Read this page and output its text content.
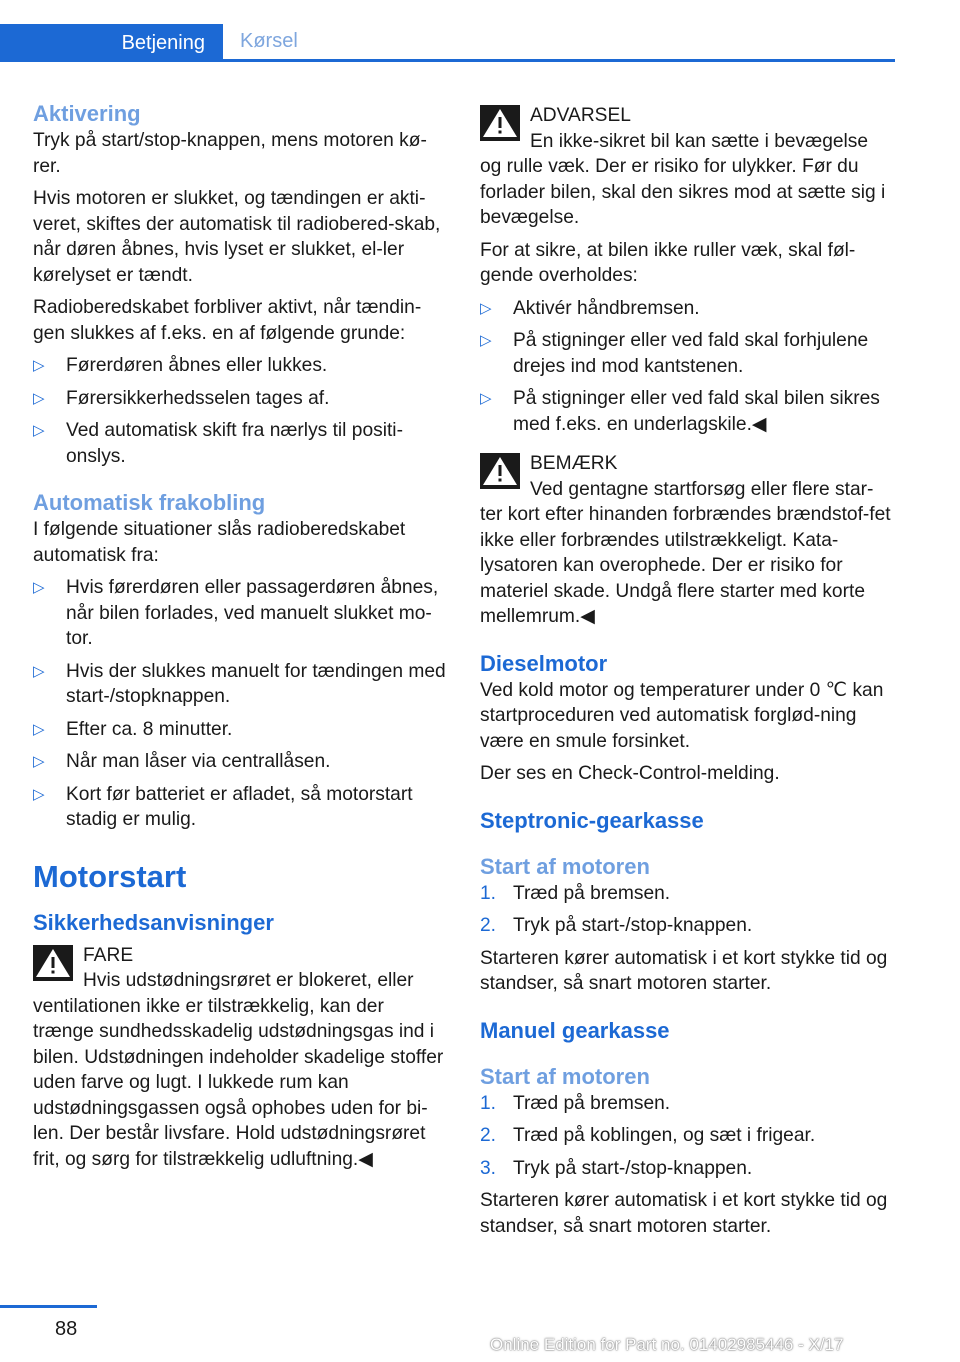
Betjening	Kørsel
Aktivering

Tryk på start/stop-knappen, mens motoren kø-rer.

Hvis motoren er slukket, og tændingen er akti-veret, skiftes der automatisk til radiobered-skab, når døren åbnes, hvis lyset er slukket, el-ler kørelyset er tændt.

Radioberedskabet forbliver aktivt, når tændin-gen slukkes af f.eks. en af følgende grunde:

▷ Førerdøren åbnes eller lukkes.
▷ Førersikkerhedsselen tages af.
▷ Ved automatisk skift fra nærlys til positi-onslys.
Automatisk frakobling

I følgende situationer slås radioberedskabet automatisk fra:

▷ Hvis førerdøren eller passagerdøren åbnes, når bilen forlades, ved manuelt slukket mo-tor.
▷ Hvis der slukkes manuelt for tændingen med start-/stopknappen.
▷ Efter ca. 8 minutter.
▷ Når man låser via centrallåsen.
▷ Kort før batteriet er afladet, så motorstart stadig er mulig.
Motorstart
Sikkerhedsanvisninger
FARE
Hvis udstødningsrøret er blokeret, eller
ventilationen ikke er tilstrækkelig, kan der trænge sundhedsskadelig udstødningsgas ind i bilen. Udstødningen indeholder skadelige stoffer uden farve og lugt. I lukkede rum kan udstødningsgassen også ophobes uden for bi-len. Der består livsfare. Hold udstødningsrøret frit, og sørg for tilstrækkelig udluftning.◀
ADVARSEL
En ikke-sikret bil kan sætte i bevægelse
og rulle væk. Der er risiko for ulykker. Før du forlader bilen, skal den sikres mod at sætte sig i bevægelse.

For at sikre, at bilen ikke ruller væk, skal føl-gende overholdes:

▷ Aktivér håndbremsen.
▷ På stigninger eller ved fald skal forhjulene drejes ind mod kantstenen.
▷ På stigninger eller ved fald skal bilen sikres med f.eks. en underlagskile.◀
BEMÆRK
Ved gentagne startforsøg eller flere star-
ter kort efter hinanden forbrændes brændstof-fet ikke eller forbrændes utilstrækkeligt. Kata-lysatoren kan overophede. Der er risiko for materiel skade. Undgå flere starter med korte mellemrum.◀
Dieselmotor

Ved kold motor og temperaturer under 0 ℃ kan startproceduren ved automatisk forglød-ning være en smule forsinket.

Der ses en Check-Control-melding.

Steptronic-gearkasse
Start af motoren
1. Træd på bremsen.
2. Tryk på start-/stop-knappen.

Starteren kører automatisk i et kort stykke tid og standser, så snart motoren starter.

Manuel gearkasse
Start af motoren
1. Træd på bremsen.
2. Træd på koblingen, og sæt i frigear.
3. Tryk på start-/stop-knappen.

Starteren kører automatisk i et kort stykke tid og standser, så snart motoren starter.

88
Online Edition for Part no. 01402985446 - X/17
